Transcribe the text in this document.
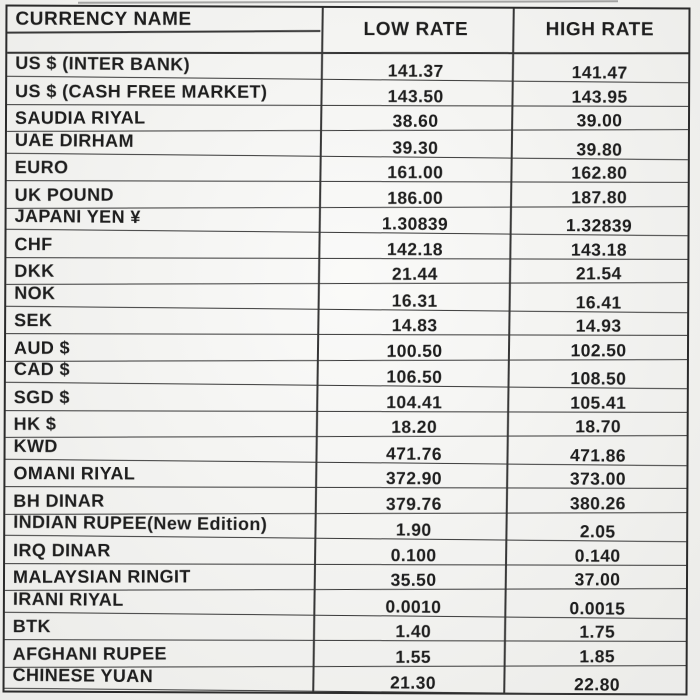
CURRENCY NAME	LOW RATE	HIGH RATE
US $ (INTER BANK)	141.37	141.47
US $ (CASH FREE MARKET)	143.50	143.95
SAUDIA RIYAL	38.60	39.00
UAE DIRHAM	39.30	39.80
EURO	161.00	162.80
UK POUND	186.00	187.80
JAPANI YEN ¥	1.30839	1.32839
CHF	142.18	143.18
DKK	21.44	21.54
NOK	16.31	16.41
SEK	14.83	14.93
AUD $	100.50	102.50
CAD $	106.50	108.50
SGD $	104.41	105.41
HK $	18.20	18.70
KWD	471.76	471.86
OMANI RIYAL	372.90	373.00
BH DINAR	379.76	380.26
INDIAN RUPEE(New Edition)	1.90	2.05
IRQ DINAR	0.100	0.140
MALAYSIAN RINGIT	35.50	37.00
IRANI RIYAL	0.0010	0.0015
BTK	1.40	1.75
AFGHANI RUPEE	1.55	1.85
CHINESE YUAN	21.30	22.80
